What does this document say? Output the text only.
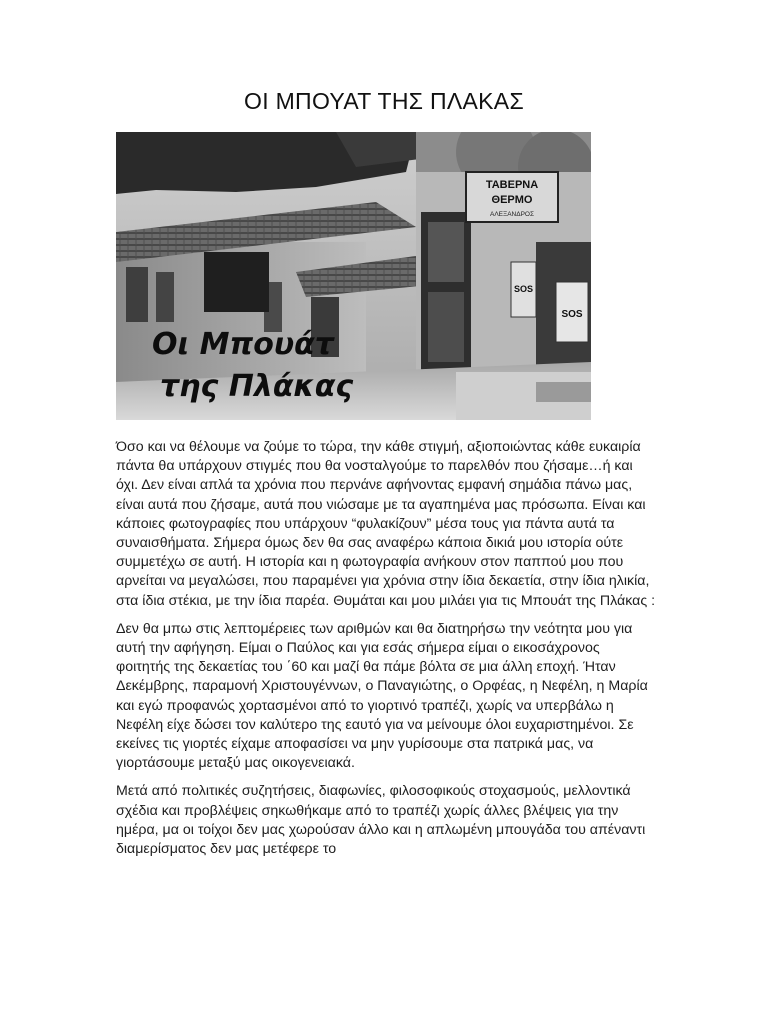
ΟΙ ΜΠΟΥΑΤ ΤΗΣ ΠΛΑΚΑΣ
ΤΑΒΕΡΝΑ
ΘΕΡΜΟ
ΑΛΕΞΑΝΔΡΟΣ
SOS
SOS
Οι Μπουάτ
της Πλάκας

Όσο και να θέλουμε να ζούμε το τώρα, την κάθε στιγμή, αξιοποιώντας κάθε ευκαιρία πάντα θα υπάρχουν στιγμές που θα νοσταλγούμε το παρελθόν που ζήσαμε…ή και όχι. Δεν είναι απλά τα χρόνια που περνάνε αφήνοντας εμφανή σημάδια πάνω μας, είναι αυτά που ζήσαμε, αυτά που νιώσαμε με τα αγαπημένα μας πρόσωπα. Είναι και κάποιες φωτογραφίες που υπάρχουν “φυλακίζουν” μέσα τους για πάντα αυτά τα συναισθήματα. Σήμερα όμως δεν θα σας αναφέρω κάποια δικιά μου ιστορία ούτε συμμετέχω σε αυτή. Η ιστορία και η φωτογραφία ανήκουν στον παππού μου που αρνείται να μεγαλώσει, που παραμένει για χρόνια στην ίδια δεκαετία, στην ίδια ηλικία, στα ίδια στέκια, με την ίδια παρέα. Θυμάται και μου μιλάει για τις Μπουάτ της Πλάκας :

Δεν θα μπω στις λεπτομέρειες των αριθμών και θα διατηρήσω την νεότητα μου για αυτή την αφήγηση. Είμαι ο Παύλος και για εσάς σήμερα είμαι ο εικοσάχρονος φοιτητής της δεκαετίας του ΄60 και μαζί θα πάμε βόλτα σε μια άλλη εποχή. Ήταν Δεκέμβρης, παραμονή Χριστουγέννων, ο Παναγιώτης, ο Ορφέας, η Νεφέλη, η Μαρία και εγώ προφανώς χορτασμένοι από το γιορτινό τραπέζι, χωρίς να υπερβάλω η Νεφέλη είχε δώσει τον καλύτερο της εαυτό για να μείνουμε όλοι ευχαριστημένοι. Σε εκείνες τις γιορτές είχαμε αποφασίσει να μην γυρίσουμε στα πατρικά μας, να γιορτάσουμε μεταξύ μας οικογενειακά.

Μετά από πολιτικές συζητήσεις, διαφωνίες, φιλοσοφικούς στοχασμούς, μελλοντικά σχέδια και προβλέψεις σηκωθήκαμε από το τραπέζι χωρίς άλλες βλέψεις για την ημέρα, μα οι τοίχοι δεν μας χωρούσαν άλλο και η απλωμένη μπουγάδα του απέναντι διαμερίσματος δεν μας μετέφερε το
